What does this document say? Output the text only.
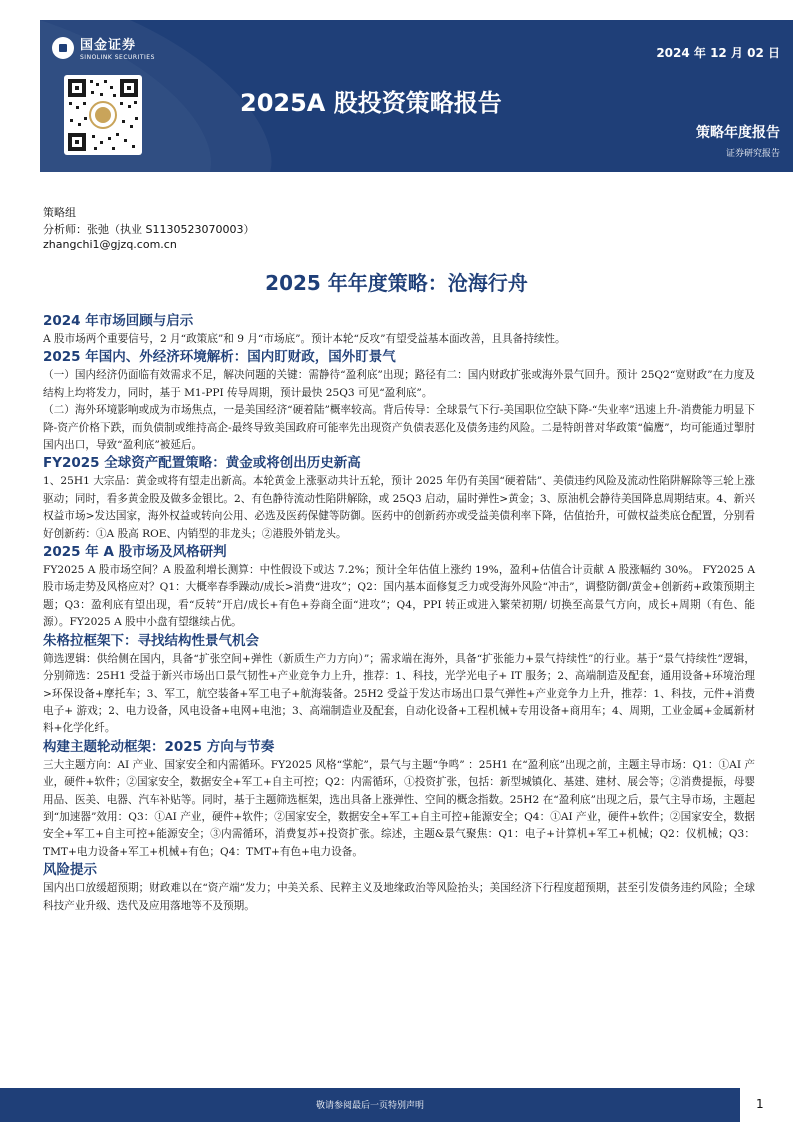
国金证券
SINOLINK SECURITIES	2024 年 12 月 02 日
2025A 股投资策略报告
策略年度报告
证券研究报告
策略组
分析师：张弛（执业 S1130523070003）
zhangchi1@gjzq.com.cn
2025 年年度策略：沧海行舟
2024 年市场回顾与启示

A 股市场两个重要信号，2 月“政策底”和 9 月“市场底”。预计本轮“反攻”有望受益基本面改善，且具备持续性。

2025 年国内、外经济环境解析：国内盯财政，国外盯景气

（一）国内经济仍面临有效需求不足，解决问题的关键：需静待“盈利底”出现；路径有二：国内财政扩张或海外景气回升。预计 25Q2“宽财政”在力度及结构上均将发力，同时，基于 M1-PPI 传导周期，预计最快 25Q3 可见“盈利底”。

（二）海外环境影响或成为市场焦点，一是美国经济“硬着陆”概率较高。背后传导：全球景气下行-美国职位空缺下降-“失业率”迅速上升-消费能力明显下降-资产价格下跌，而负债制或维持高企-最终导致美国政府可能率先出现资产负债表恶化及债务违约风险。二是特朗普对华政策“偏鹰”，均可能通过掣肘国内出口，导致“盈利底”被延后。

FY2025 全球资产配置策略：黄金或将创出历史新高

1、25H1 大宗品：黄金或将有望走出新高。本轮黄金上涨驱动共计五轮，预计 2025 年仍有美国“硬着陆”、美债违约风险及流动性陷阱解除等三轮上涨驱动；同时，看多黄金股及做多金银比。2、有色静待流动性陷阱解除，或 25Q3 启动，届时弹性>黄金；3、原油机会静待美国降息周期结束。4、新兴权益市场>发达国家，海外权益或转向公用、必选及医药保健等防御。医药中的创新药亦或受益美债利率下降，估值抬升，可做权益类底仓配置，分别看好创新药：①A 股高 ROE、内销型的非龙头；②港股外销龙头。

2025 年 A 股市场及风格研判

FY2025 A 股市场空间？A 股盈利增长测算：中性假设下或达 7.2%；预计全年估值上涨约 19%，盈利+估值合计贡献 A 股涨幅约 30%。 FY2025 A 股市场走势及风格应对？Q1：大概率春季躁动/成长>消费“进攻”；Q2：国内基本面修复乏力或受海外风险“冲击”，调整防御/黄金+创新药+政策预期主题；Q3：盈利底有望出现，看“反转”开启/成长+有色+券商全面“进攻”；Q4，PPI 转正或进入繁荣初期/ 切换至高景气方向，成长+周期（有色、能源）。FY2025 A 股中小盘有望继续占优。

朱格拉框架下：寻找结构性景气机会

筛选逻辑：供给侧在国内，具备“扩张空间+弹性（新质生产力方向）”；需求端在海外，具备“扩张能力+景气持续性”的行业。基于“景气持续性”逻辑，分别筛选：25H1 受益于新兴市场出口景气韧性+产业竞争力上升，推荐：1、科技，光学光电子+ IT 服务；2、高端制造及配套，通用设备+环境治理>环保设备+摩托车；3、军工，航空装备+军工电子+航海装备。25H2 受益于发达市场出口景气弹性+产业竞争力上升，推荐：1、科技，元件+消费电子+ 游戏；2、电力设备，风电设备+电网+电池；3、高端制造业及配套，自动化设备+工程机械+专用设备+商用车；4、周期，工业金属+金属新材料+化学化纤。

构建主题轮动框架：2025 方向与节奏

三大主题方向：AI 产业、国家安全和内需循环。FY2025 风格“掌舵”，景气与主题“争鸣” ：25H1 在“盈利底”出现之前，主题主导市场：Q1：①AI 产业，硬件+软件；②国家安全，数据安全+军工+自主可控；Q2：内需循环，①投资扩张，包括：新型城镇化、基建、建材、展会等；②消费提振，母婴用品、医美、电器、汽车补贴等。同时，基于主题筛选框架，选出具备上涨弹性、空间的概念指数。25H2 在“盈利底”出现之后，景气主导市场，主题起到“加速器”效用：Q3：①AI 产业，硬件+软件；②国家安全，数据安全+军工+自主可控+能源安全；Q4：①AI 产业，硬件+软件；②国家安全，数据安全+军工+自主可控+能源安全；③内需循环，消费复苏+投资扩张。综述，主题&景气聚焦：Q1：电子+计算机+军工+机械；Q2：仪机械；Q3：TMT+电力设备+军工+机械+有色；Q4：TMT+有色+电力设备。

风险提示

国内出口放缓超预期；财政难以在“资产端”发力；中美关系、民粹主义及地缘政治等风险抬头；美国经济下行程度超预期，甚至引发债务违约风险；全球科技产业升级、迭代及应用落地等不及预期。

敬请参阅最后一页特别声明	1
